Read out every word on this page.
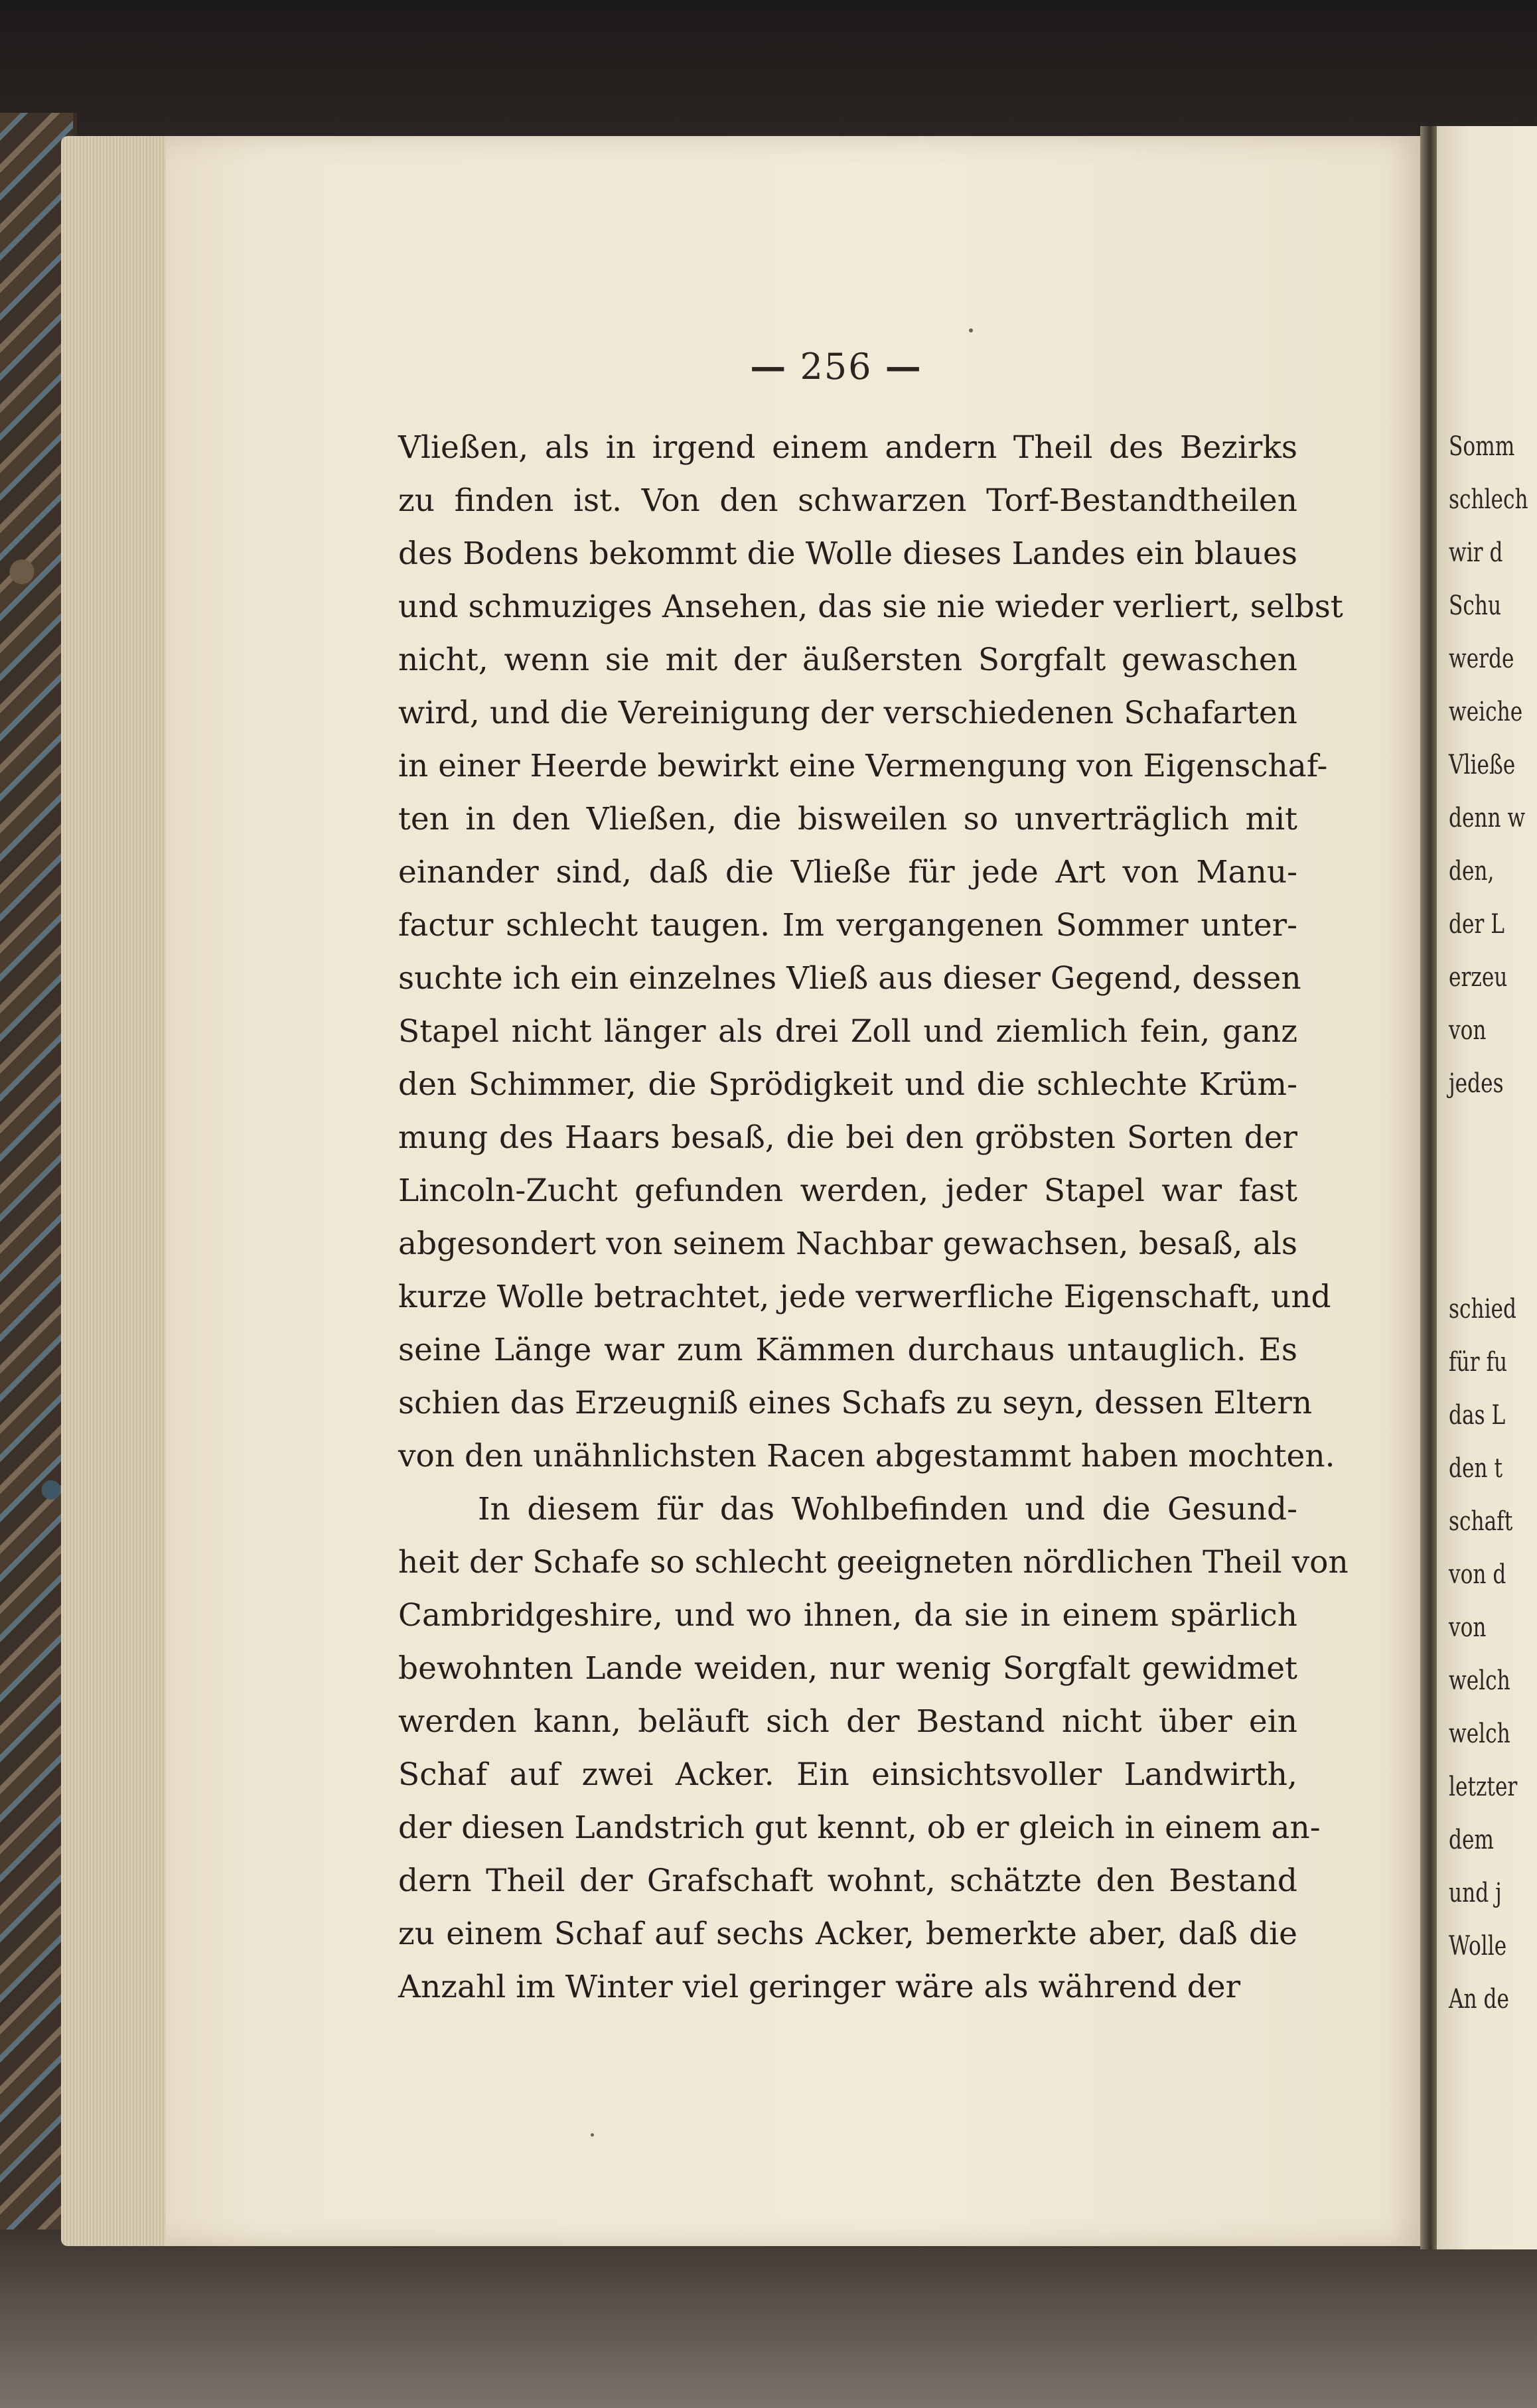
Somm
schlech
wir d
Schu
werde
weiche
Vließe
denn w
den,
der L
erzeu
von
jedes
schied
für fu
das L
den t
schaft
von d
von
welch
welch
letzter
dem
und j
Wolle
An de
— 256 —
Vließen, als in irgend einem andern Theil des Bezirks
zu finden ist. Von den schwarzen Torf-Bestandtheilen
des Bodens bekommt die Wolle dieses Landes ein blaues
und schmuziges Ansehen, das sie nie wieder verliert, selbst
nicht, wenn sie mit der äußersten Sorgfalt gewaschen
wird, und die Vereinigung der verschiedenen Schafarten
in einer Heerde bewirkt eine Vermengung von Eigenschaf-
ten in den Vließen, die bisweilen so unverträglich mit
einander sind, daß die Vließe für jede Art von Manu-
factur schlecht taugen. Im vergangenen Sommer unter-
suchte ich ein einzelnes Vließ aus dieser Gegend, dessen
Stapel nicht länger als drei Zoll und ziemlich fein, ganz
den Schimmer, die Sprödigkeit und die schlechte Krüm-
mung des Haars besaß, die bei den gröbsten Sorten der
Lincoln-Zucht gefunden werden, jeder Stapel war fast
abgesondert von seinem Nachbar gewachsen, besaß, als
kurze Wolle betrachtet, jede verwerfliche Eigenschaft, und
seine Länge war zum Kämmen durchaus untauglich. Es
schien das Erzeugniß eines Schafs zu seyn, dessen Eltern
von den unähnlichsten Racen abgestammt haben mochten.
In diesem für das Wohlbefinden und die Gesund-
heit der Schafe so schlecht geeigneten nördlichen Theil von
Cambridgeshire, und wo ihnen, da sie in einem spärlich
bewohnten Lande weiden, nur wenig Sorgfalt gewidmet
werden kann, beläuft sich der Bestand nicht über ein
Schaf auf zwei Acker. Ein einsichtsvoller Landwirth,
der diesen Landstrich gut kennt, ob er gleich in einem an-
dern Theil der Grafschaft wohnt, schätzte den Bestand
zu einem Schaf auf sechs Acker, bemerkte aber, daß die
Anzahl im Winter viel geringer wäre als während der
